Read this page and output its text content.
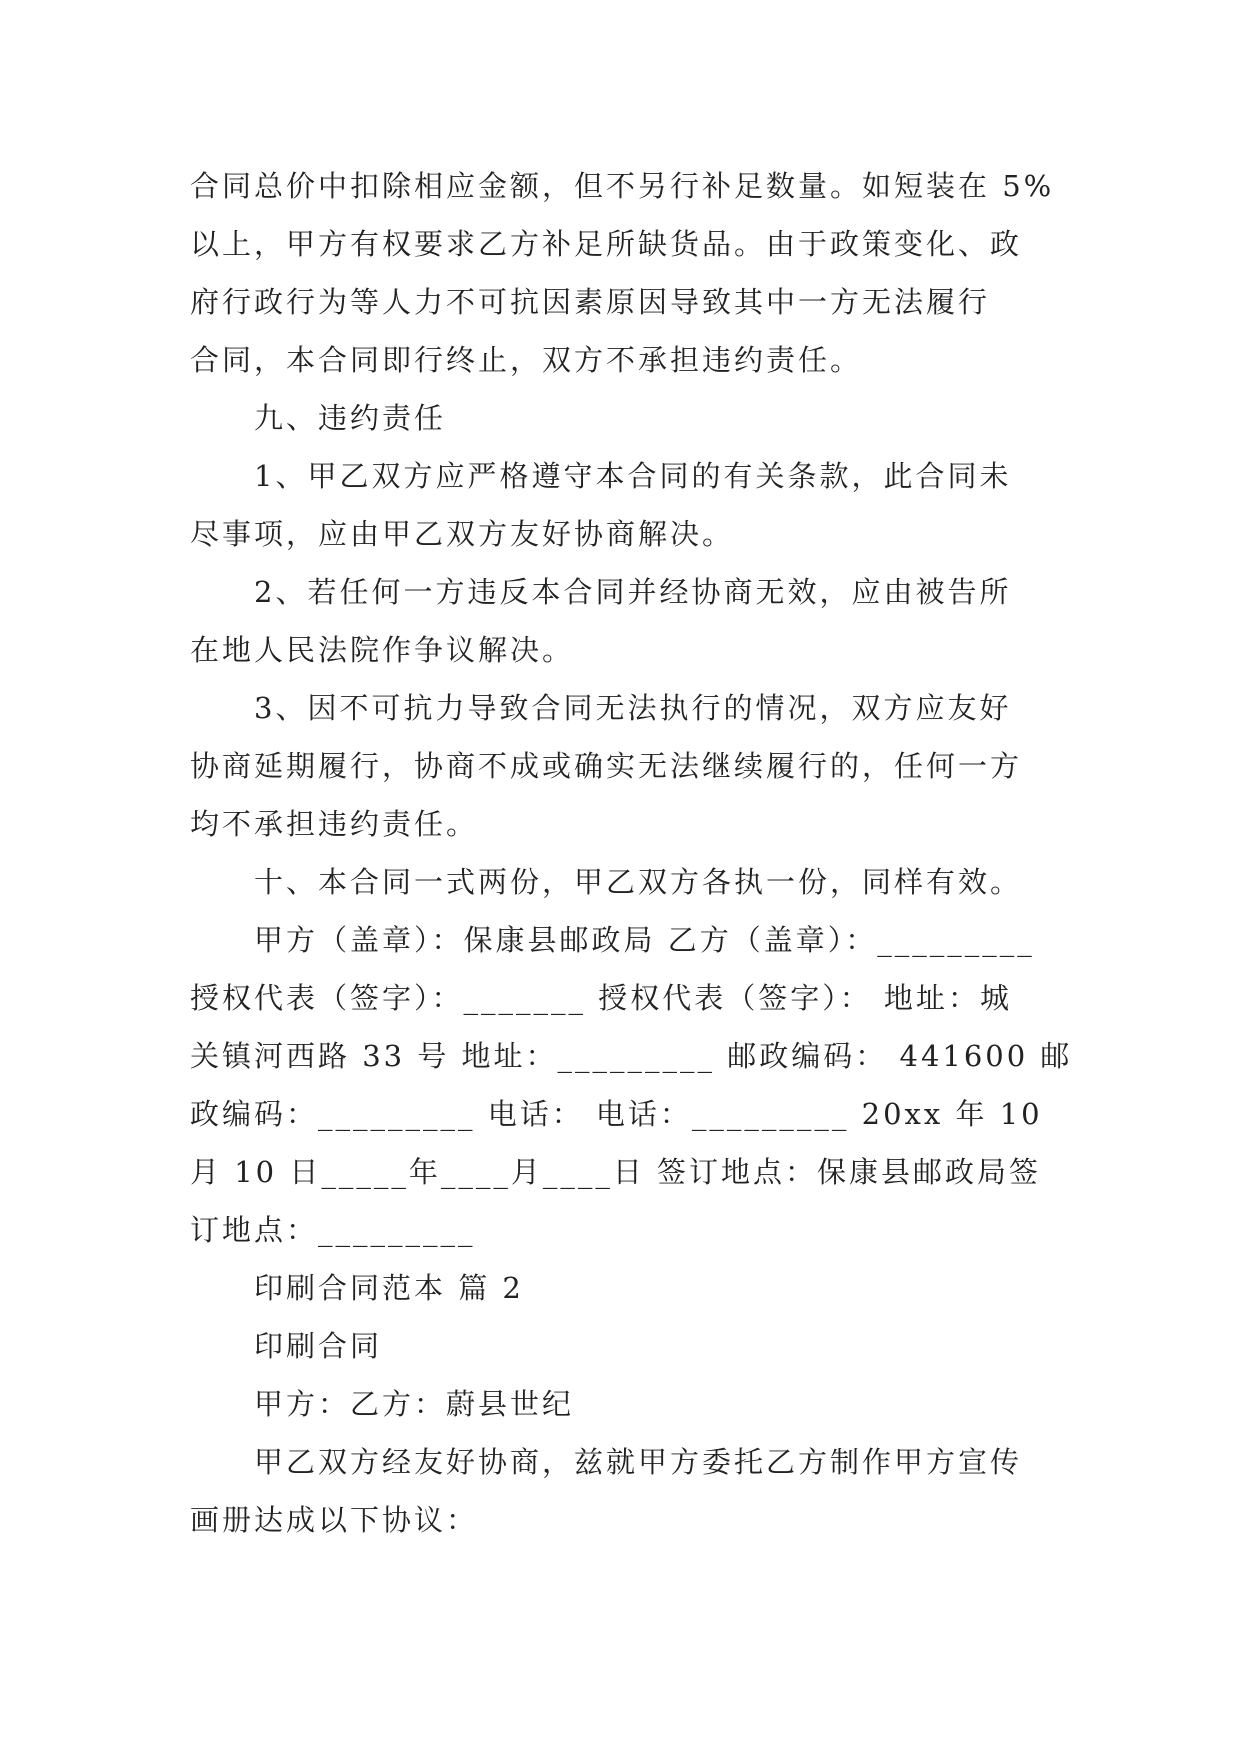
合同总价中扣除相应金额，但不另行补足数量。如短装在 5%
以上，甲方有权要求乙方补足所缺货品。由于政策变化、政
府行政行为等人力不可抗因素原因导致其中一方无法履行
合同，本合同即行终止，双方不承担违约责任。

九、违约责任

1、甲乙双方应严格遵守本合同的有关条款，此合同未
尽事项，应由甲乙双方友好协商解决。

2、若任何一方违反本合同并经协商无效，应由被告所
在地人民法院作争议解决。

3、因不可抗力导致合同无法执行的情况，双方应友好
协商延期履行，协商不成或确实无法继续履行的，任何一方
均不承担违约责任。

十、本合同一式两份，甲乙双方各执一份，同样有效。

甲方（盖章）：保康县邮政局 乙方（盖章）：_________
授权代表（签字）：_______ 授权代表（签字）： 地址：城
关镇河西路 33 号 地址：_________ 邮政编码： 441600 邮
政编码：_________ 电话： 电话：_________ 20xx 年 10
月 10 日_____年____月____日 签订地点：保康县邮政局签
订地点：_________

印刷合同范本 篇 2

印刷合同

甲方：乙方：蔚县世纪

甲乙双方经友好协商，兹就甲方委托乙方制作甲方宣传
画册达成以下协议：
